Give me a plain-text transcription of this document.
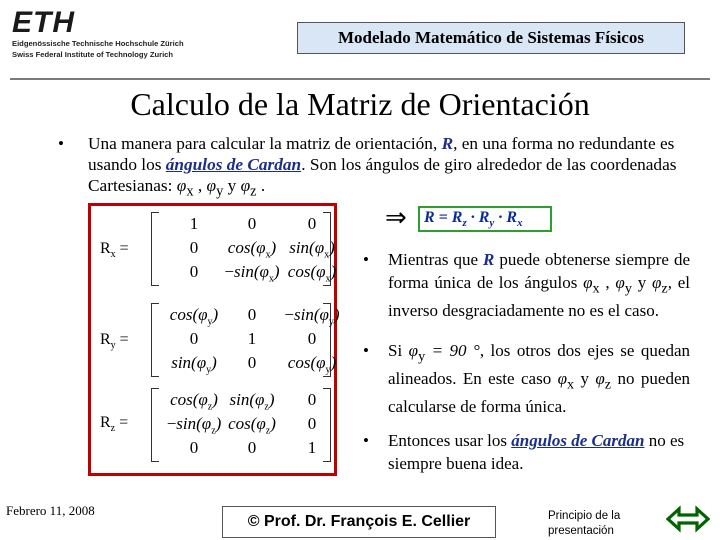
ETH
Eidgenössische Technische Hochschule Zürich
Swiss Federal Institute of Technology Zurich
Modelado Matemático de Sistemas Físicos
Calculo de la Matriz de Orientación
• Una manera para calcular la matriz de orientación, R, en una forma no redundante es usando los ángulos de Cardan. Son los ángulos de giro alrededor de las coordenadas Cartesianas: $\varphi_x$ , $\varphi_y$ y $\varphi_z$ .
$R_x$ =
1	0	0
0	$\cos(\varphi_x)$ $\sin(\varphi_x)$
0	$-\sin(\varphi_x)$ $\cos(\varphi_x)$
$R_y$ =
$\cos(\varphi_y)$	0	$-\sin(\varphi_y)$
0	1	0
$\sin(\varphi_y)$	0	$\cos(\varphi_y)$
$R_z$ =
$\cos(\varphi_z)$ $\sin(\varphi_z)$	0
$-\sin(\varphi_z)$ $\cos(\varphi_z)$	0
0	0	1
⇒ $R = R_z \cdot R_y \cdot R_x$
• Mientras que R puede obtenerse siempre de forma única de los ángulos $\varphi_x$ , $\varphi_y$ y $\varphi_z$, el inverso desgraciadamente no es el caso.
• Si $\varphi_y = 90$ °, los otros dos ejes se quedan alineados. En este caso $\varphi_x$ y $\varphi_z$ no pueden calcularse de forma única.
• Entonces usar los ángulos de Cardan no es siempre buena idea.
Febrero 11, 2008
© Prof. Dr. François E. Cellier	Principio de la presentación
